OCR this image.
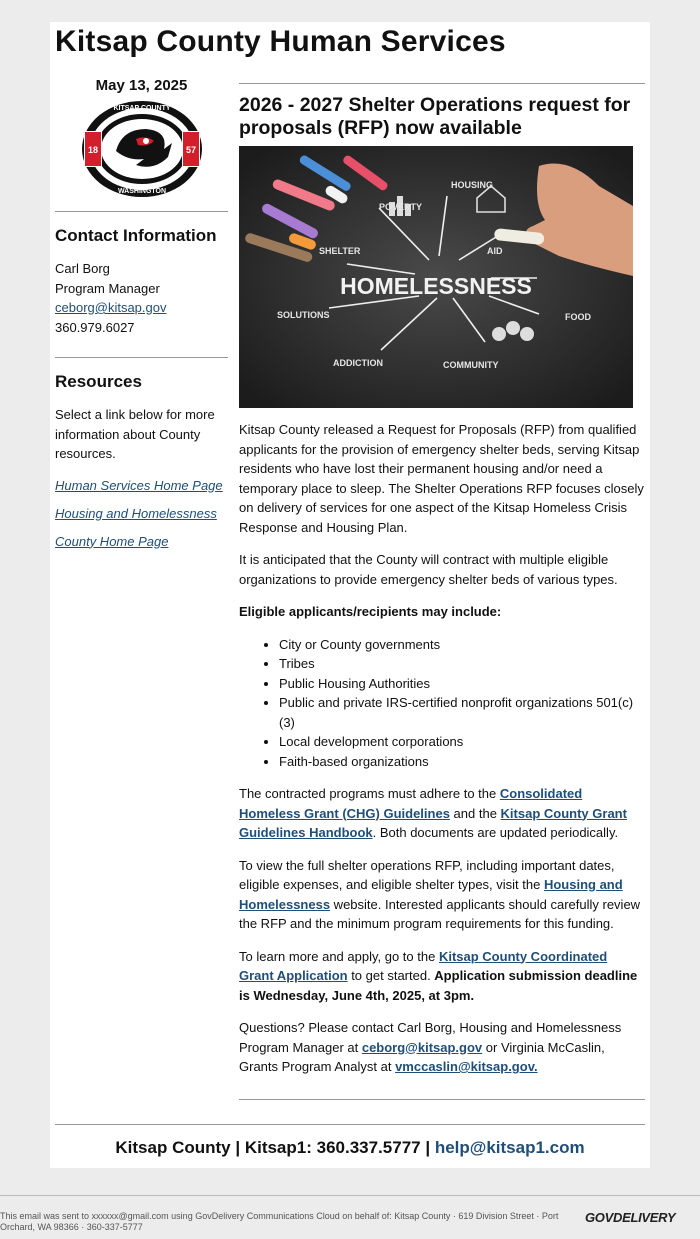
Kitsap County Human Services

May 13, 2025

KITSAP COUNTY
WASHINGTON
18	57
Contact Information

Carl Borg

Program Manager

ceborg@kitsap.gov

360.979.6027

Resources

Select a link below for more information about County resources.

Human Services Home Page
Housing and Homelessness
County Home Page
2026 - 2027 Shelter Operations request for proposals (RFP) now available
HOMELESSNESS
HOUSING
POVERTY
SHELTER	AID
FOOD
SOLUTIONS
ADDICTION	COMMUNITY

Kitsap County released a Request for Proposals (RFP) from qualified applicants for the provision of emergency shelter beds, serving Kitsap residents who have lost their permanent housing and/or need a temporary place to sleep. The Shelter Operations RFP focuses closely on delivery of services for one aspect of the Kitsap Homeless Crisis Response and Housing Plan.

It is anticipated that the County will contract with multiple eligible organizations to provide emergency shelter beds of various types.

Eligible applicants/recipients may include:

• City or County governments
• Tribes
• Public Housing Authorities
• Public and private IRS-certified nonprofit organizations 501(c)(3)
• Local development corporations
• Faith-based organizations

The contracted programs must adhere to the Consolidated Homeless Grant (CHG) Guidelines and the Kitsap County Grant Guidelines Handbook. Both documents are updated periodically.

To view the full shelter operations RFP, including important dates, eligible expenses, and eligible shelter types, visit the Housing and Homelessness website. Interested applicants should carefully review the RFP and the minimum program requirements for this funding.

To learn more and apply, go to the Kitsap County Coordinated Grant Application to get started. Application submission deadline is Wednesday, June 4th, 2025, at 3pm.

Questions? Please contact Carl Borg, Housing and Homelessness Program Manager at ceborg@kitsap.gov or Virginia McCaslin, Grants Program Analyst at vmccaslin@kitsap.gov.

Kitsap County | Kitsap1: 360.337.5777 | help@kitsap1.com
This email was sent to xxxxxx@gmail.com using GovDelivery Communications Cloud on behalf of: Kitsap County · 619 Division Street · Port Orchard, WA 98366 · 360-337-5777
GOVDELIVERY
